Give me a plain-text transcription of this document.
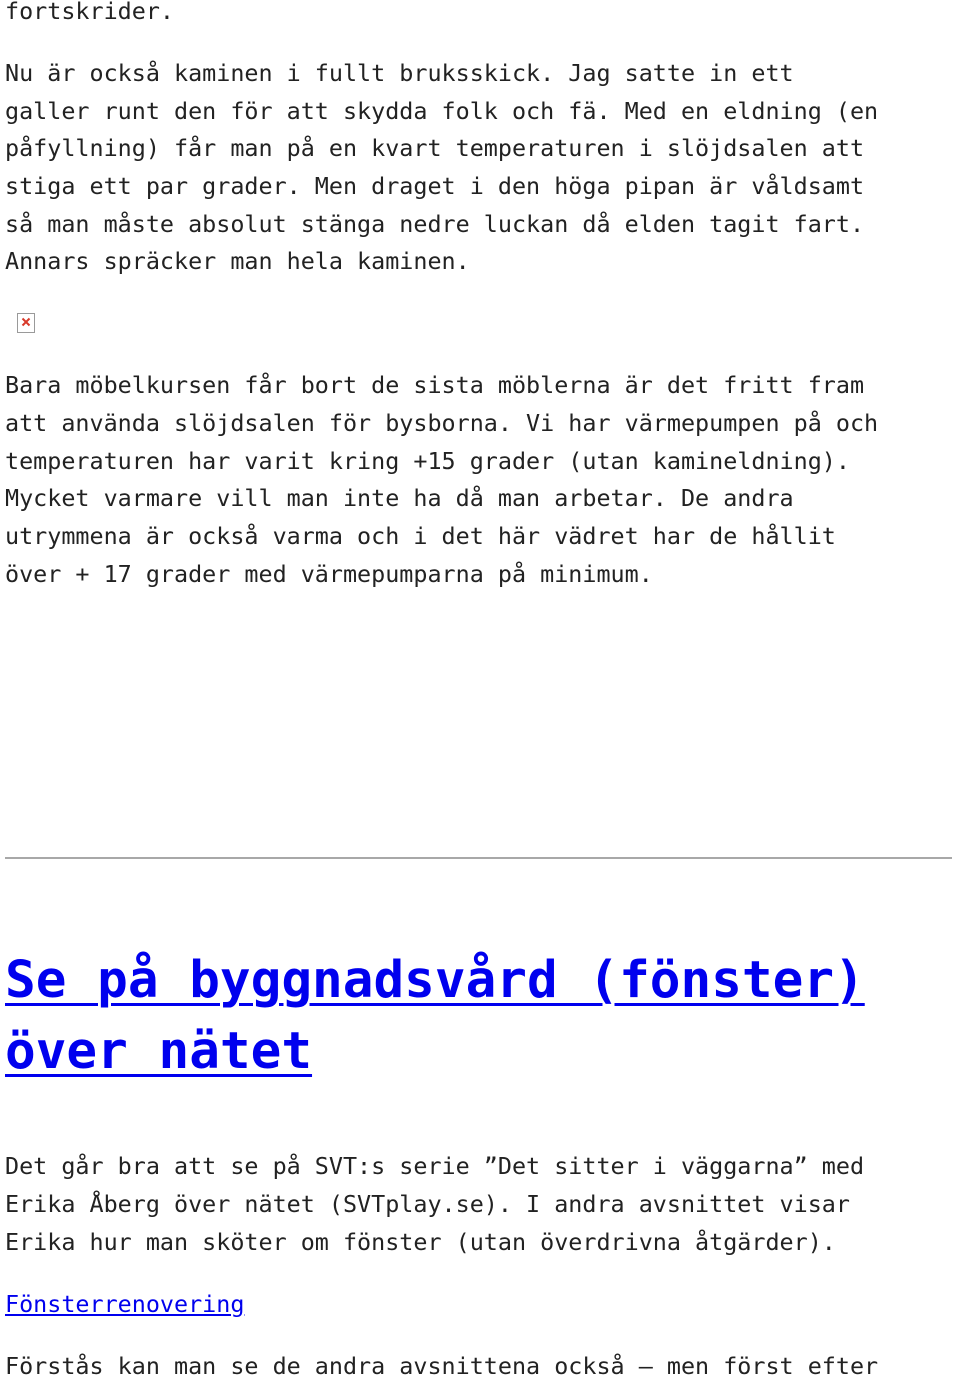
fortskrider.

Nu är också kaminen i fullt bruksskick. Jag satte in ett

galler runt den för att skydda folk och fä. Med en eldning (en

påfyllning) får man på en kvart temperaturen i slöjdsalen att

stiga ett par grader. Men draget i den höga pipan är våldsamt

så man måste absolut stänga nedre luckan då elden tagit fart.

Annars spräcker man hela kaminen.

Bara möbelkursen får bort de sista möblerna är det fritt fram

att använda slöjdsalen för bysborna. Vi har värmepumpen på och

temperaturen har varit kring +15 grader (utan kamineldning).

Mycket varmare vill man inte ha då man arbetar. De andra

utrymmena är också varma och i det här vädret har de hållit

över + 17 grader med värmepumparna på minimum.

Se på byggnadsvård (fönster)
över nätet

Det går bra att se på SVT:s serie ”Det sitter i väggarna” med

Erika Åberg över nätet (SVTplay.se). I andra avsnittet visar

Erika hur man sköter om fönster (utan överdrivna åtgärder).

Fönsterrenovering

Förstås kan man se de andra avsnittena också – men först efter
